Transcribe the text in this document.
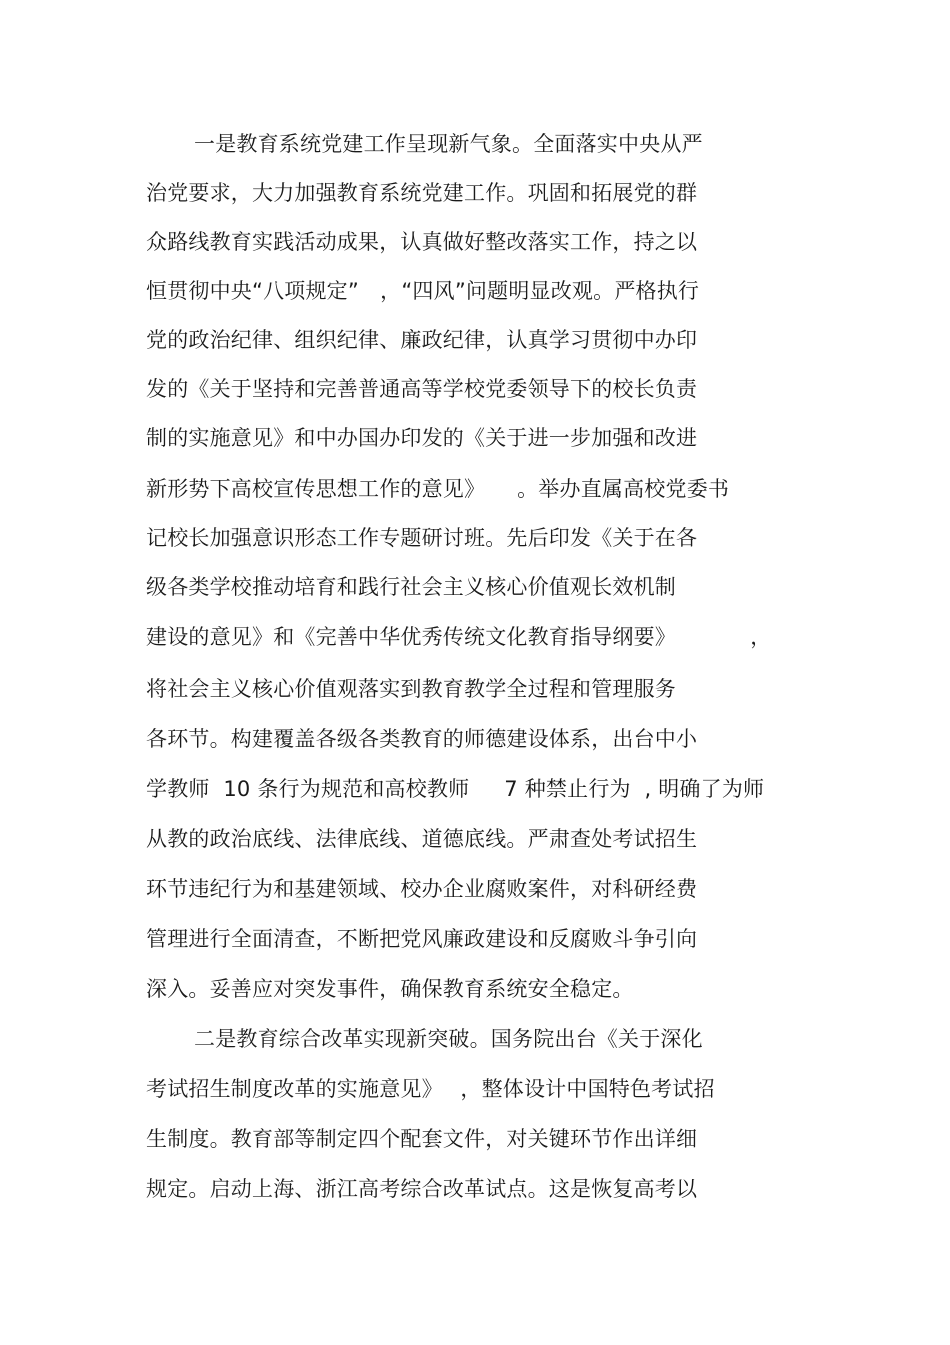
一是教育系统党建工作呈现新气象。全面落实中央从严
治党要求，大力加强教育系统党建工作。巩固和拓展党的群
众路线教育实践活动成果，认真做好整改落实工作，持之以
恒贯彻中央“八项规定”　，“四风”问题明显改观。严格执行
党的政治纪律、组织纪律、廉政纪律，认真学习贯彻中办印
发的《关于坚持和完善普通高等学校党委领导下的校长负责
制的实施意见》和中办国办印发的《关于进一步加强和改进
新形势下高校宣传思想工作的意见》　　。举办直属高校党委书
记校长加强意识形态工作专题研讨班。先后印发《关于在各
级各类学校推动培育和践行社会主义核心价值观长效机制
建设的意见》和《完善中华优秀传统文化教育指导纲要》　　　　，
将社会主义核心价值观落实到教育教学全过程和管理服务
各环节。构建覆盖各级各类教育的师德建设体系，出台中小
学教师  10 条行为规范和高校教师　  7 种禁止行为  , 明确了为师
从教的政治底线、法律底线、道德底线。严肃查处考试招生
环节违纪行为和基建领域、校办企业腐败案件，对科研经费
管理进行全面清查，不断把党风廉政建设和反腐败斗争引向
深入。妥善应对突发事件，确保教育系统安全稳定。
二是教育综合改革实现新突破。国务院出台《关于深化
考试招生制度改革的实施意见》　 ，整体设计中国特色考试招
生制度。教育部等制定四个配套文件，对关键环节作出详细
规定。启动上海、浙江高考综合改革试点。这是恢复高考以
